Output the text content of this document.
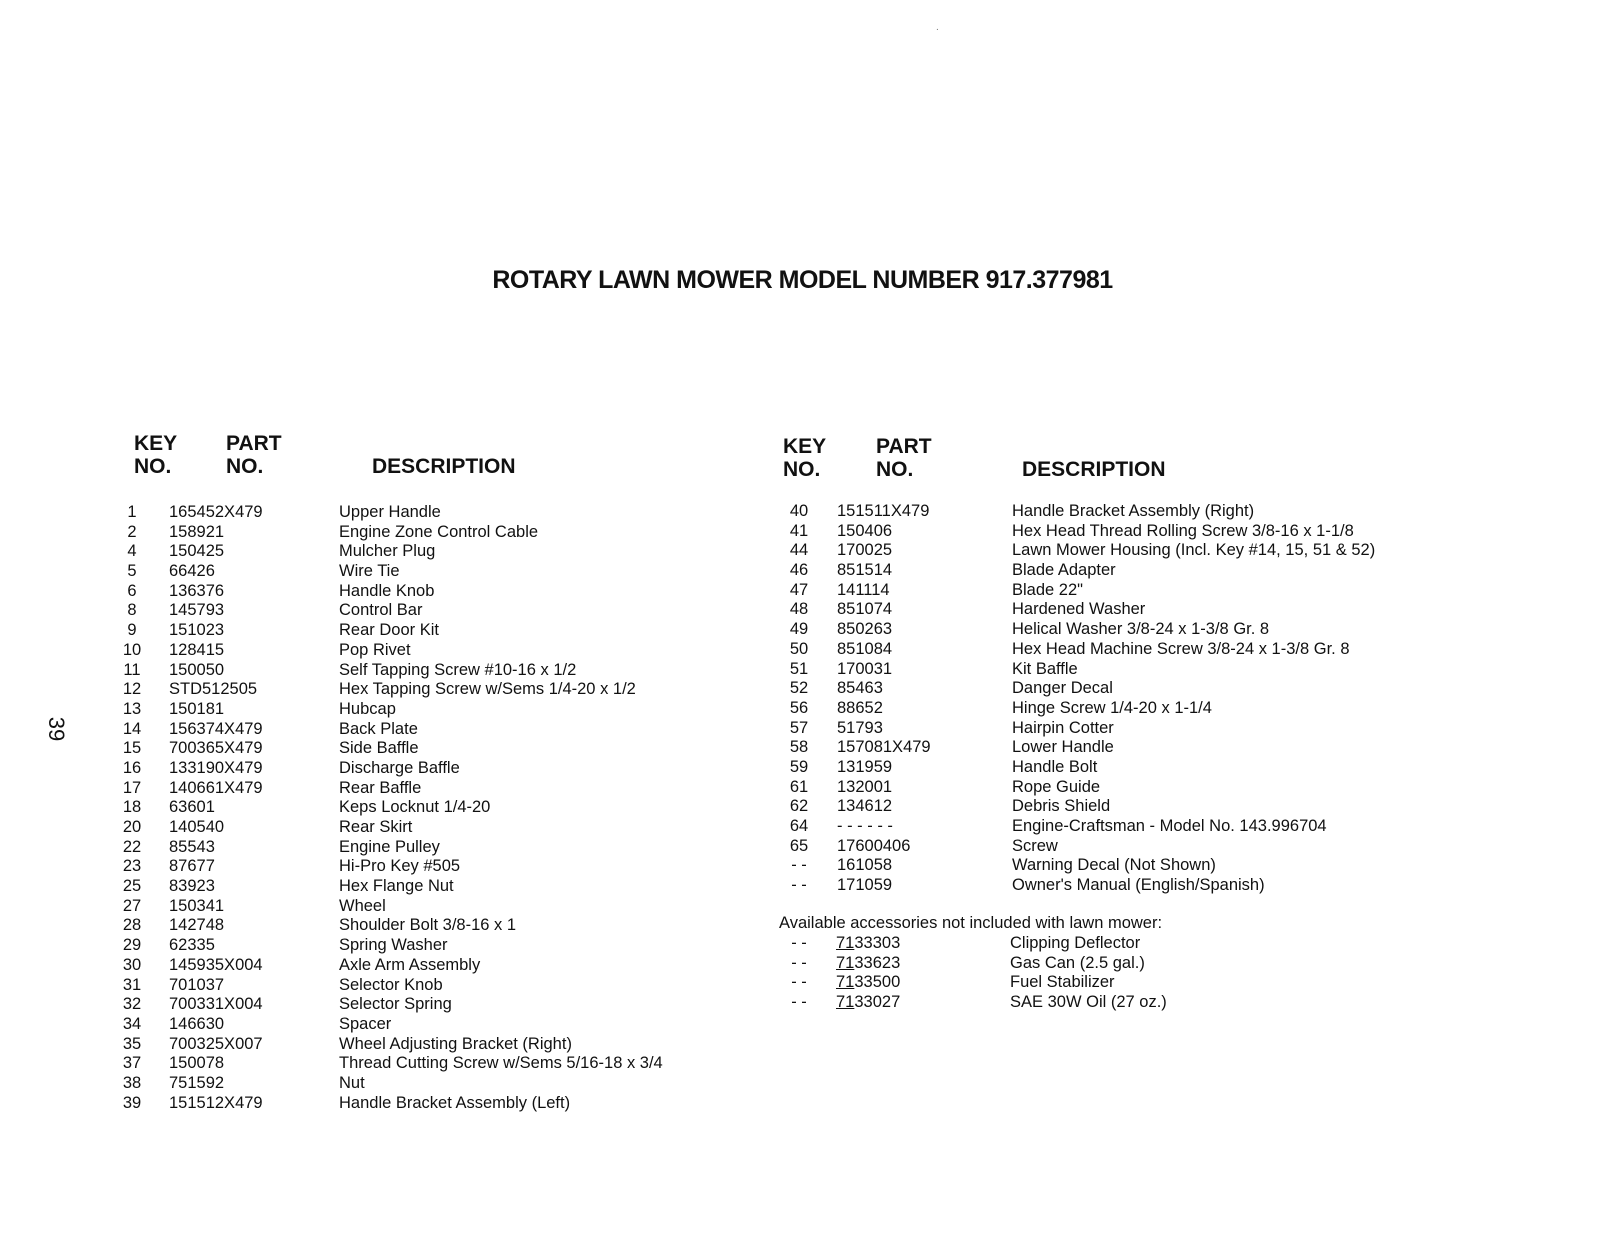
ROTARY LAWN MOWER MODEL NUMBER 917.377981
39
KEY
NO.
PART
NO.	DESCRIPTION
KEY
NO.
PART
NO.	DESCRIPTION
1	165452X479	Upper Handle
2	158921	Engine Zone Control Cable
4	150425	Mulcher Plug
5	66426	Wire Tie
6	136376	Handle Knob
8	145793	Control Bar
9	151023	Rear Door Kit
10	128415	Pop Rivet
11	150050	Self Tapping Screw #10-16 x 1/2
12	STD512505	Hex Tapping Screw w/Sems 1/4-20 x 1/2
13	150181	Hubcap
14	156374X479	Back Plate
15	700365X479	Side Baffle
16	133190X479	Discharge Baffle
17	140661X479	Rear Baffle
18	63601	Keps Locknut 1/4-20
20	140540	Rear Skirt
22	85543	Engine Pulley
23	87677	Hi-Pro Key #505
25	83923	Hex Flange Nut
27	150341	Wheel
28	142748	Shoulder Bolt 3/8-16 x 1
29	62335	Spring Washer
30	145935X004	Axle Arm Assembly
31	701037	Selector Knob
32	700331X004	Selector Spring
34	146630	Spacer
35	700325X007	Wheel Adjusting Bracket (Right)
37	150078	Thread Cutting Screw w/Sems 5/16-18 x 3/4
38	751592	Nut
39	151512X479	Handle Bracket Assembly (Left)
40	151511X479	Handle Bracket Assembly (Right)
41	150406	Hex Head Thread Rolling Screw 3/8-16 x 1-1/8
44	170025	Lawn Mower Housing (Incl. Key #14, 15, 51 & 52)
46	851514	Blade Adapter
47	141114	Blade 22"
48	851074	Hardened Washer
49	850263	Helical Washer 3/8-24 x 1-3/8 Gr. 8
50	851084	Hex Head Machine Screw 3/8-24 x 1-3/8 Gr. 8
51	170031	Kit Baffle
52	85463	Danger Decal
56	88652	Hinge Screw 1/4-20 x 1-1/4
57	51793	Hairpin Cotter
58	157081X479	Lower Handle
59	131959	Handle Bolt
61	132001	Rope Guide
62	134612	Debris Shield
64	- - - - - -	Engine-Craftsman - Model No. 143.996704
65	17600406	Screw
- -	161058	Warning Decal (Not Shown)
- -	171059	Owner's Manual (English/Spanish)
Available accessories not included with lawn mower:
- -	7133303	Clipping Deflector
- -	7133623	Gas Can (2.5 gal.)
- -	7133500	Fuel Stabilizer
- -	7133027	SAE 30W Oil (27 oz.)
.
